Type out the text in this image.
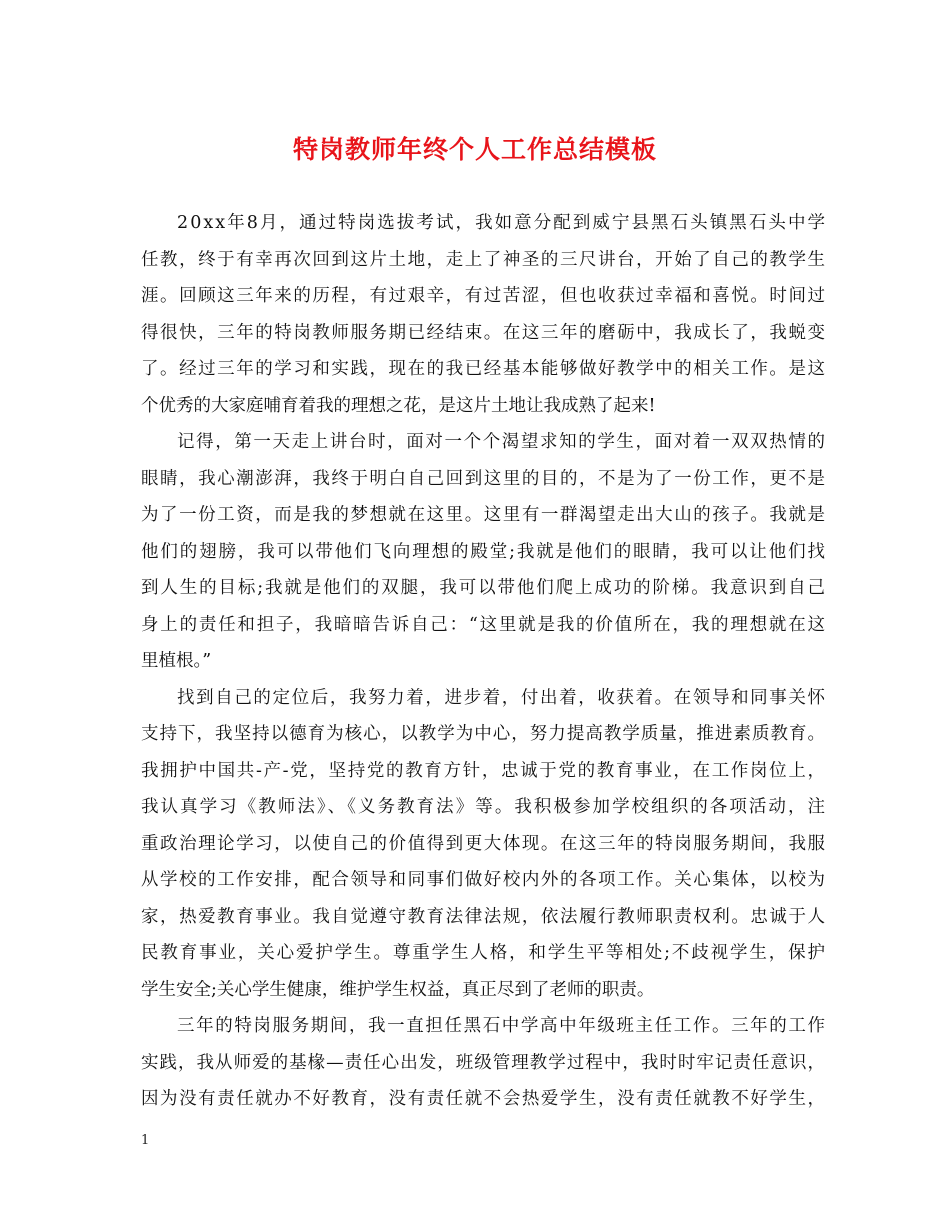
特岗教师年终个人工作总结模板
20xx年8月，通过特岗选拔考试，我如意分配到威宁县黑石头镇黑石头中学
任教，终于有幸再次回到这片土地，走上了神圣的三尺讲台，开始了自己的教学生
涯。回顾这三年来的历程，有过艰辛，有过苦涩，但也收获过幸福和喜悦。时间过
得很快，三年的特岗教师服务期已经结束。在这三年的磨砺中，我成长了，我蜕变
了。经过三年的学习和实践，现在的我已经基本能够做好教学中的相关工作。是这
个优秀的大家庭哺育着我的理想之花，是这片土地让我成熟了起来!
记得，第一天走上讲台时，面对一个个渴望求知的学生，面对着一双双热情的
眼睛，我心潮澎湃，我终于明白自己回到这里的目的，不是为了一份工作，更不是
为了一份工资，而是我的梦想就在这里。这里有一群渴望走出大山的孩子。我就是
他们的翅膀，我可以带他们飞向理想的殿堂;我就是他们的眼睛，我可以让他们找
到人生的目标;我就是他们的双腿，我可以带他们爬上成功的阶梯。我意识到自己
身上的责任和担子，我暗暗告诉自己：“这里就是我的价值所在，我的理想就在这
里植根。”
找到自己的定位后，我努力着，进步着，付出着，收获着。在领导和同事关怀
支持下，我坚持以德育为核心，以教学为中心，努力提高教学质量，推进素质教育。
我拥护中国共-产-党，坚持党的教育方针，忠诚于党的教育事业，在工作岗位上，
我认真学习《教师法》、《义务教育法》等。我积极参加学校组织的各项活动，注
重政治理论学习，以使自己的价值得到更大体现。在这三年的特岗服务期间，我服
从学校的工作安排，配合领导和同事们做好校内外的各项工作。关心集体，以校为
家，热爱教育事业。我自觉遵守教育法律法规，依法履行教师职责权利。忠诚于人
民教育事业，关心爱护学生。尊重学生人格，和学生平等相处;不歧视学生，保护
学生安全;关心学生健康，维护学生权益，真正尽到了老师的职责。
三年的特岗服务期间，我一直担任黑石中学高中年级班主任工作。三年的工作
实践，我从师爱的基椽—责任心出发，班级管理教学过程中，我时时牢记责任意识，
因为没有责任就办不好教育，没有责任就不会热爱学生，没有责任就教不好学生，
1
